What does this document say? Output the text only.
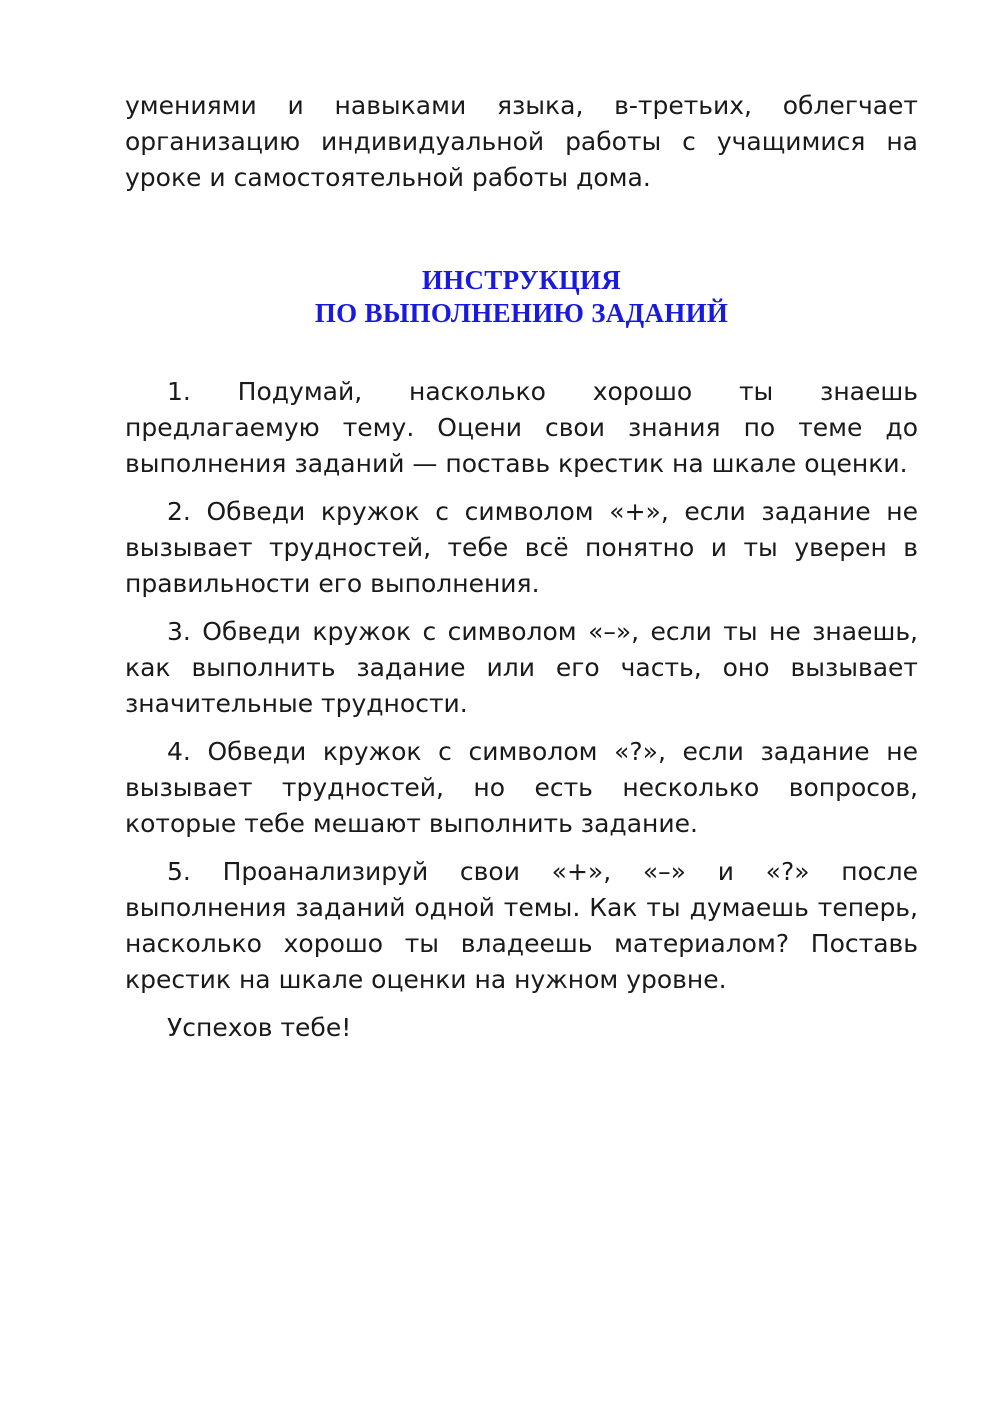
умениями и навыками языка, в-третьих, облегчает организацию индивидуальной работы с учащимися на уроке и самостоятельной работы дома.

ИНСТРУКЦИЯ
ПО ВЫПОЛНЕНИЮ ЗАДАНИЙ

1. Подумай, насколько хорошо ты знаешь предлагаемую тему. Оцени свои знания по теме до выполнения заданий — поставь крестик на шкале оценки.

2. Обведи кружок с символом «+», если задание не вызывает трудностей, тебе всё понятно и ты уверен в правильности его выполнения.

3. Обведи кружок с символом «–», если ты не знаешь, как выполнить задание или его часть, оно вызывает значительные трудности.

4. Обведи кружок с символом «?», если задание не вызывает трудностей, но есть несколько вопросов, которые тебе мешают выполнить задание.

5. Проанализируй свои «+», «–» и «?» после выполнения заданий одной темы. Как ты думаешь теперь, насколько хорошо ты владеешь материалом? Поставь крестик на шкале оценки на нужном уровне.

Успехов тебе!
